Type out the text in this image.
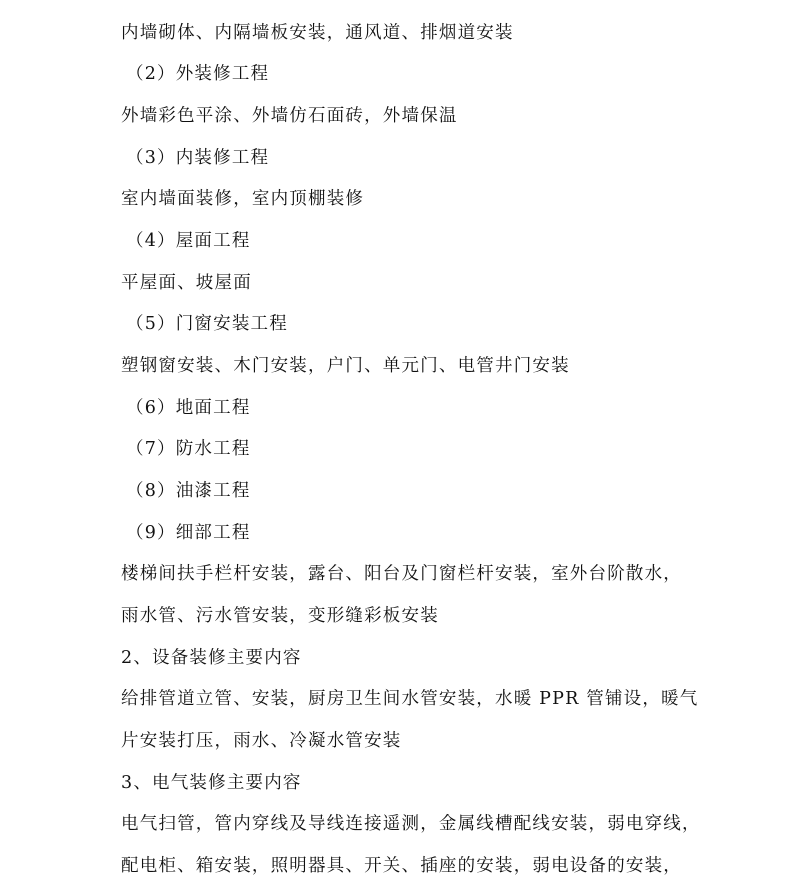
内墙砌体、内隔墙板安装，通风道、排烟道安装
（2）外装修工程
外墙彩色平涂、外墙仿石面砖，外墙保温
（3）内装修工程
室内墙面装修，室内顶棚装修
（4）屋面工程
平屋面、坡屋面
（5）门窗安装工程
塑钢窗安装、木门安装，户门、单元门、电管井门安装
（6）地面工程
（7）防水工程
（8）油漆工程
（9）细部工程
楼梯间扶手栏杆安装，露台、阳台及门窗栏杆安装，室外台阶散水，
雨水管、污水管安装，变形缝彩板安装
2、设备装修主要内容
给排管道立管、安装，厨房卫生间水管安装，水暖 PPR 管铺设，暖气
片安装打压，雨水、冷凝水管安装
3、电气装修主要内容
电气扫管，管内穿线及导线连接遥测，金属线槽配线安装，弱电穿线，
配电柜、箱安装，照明器具、开关、插座的安装，弱电设备的安装，
